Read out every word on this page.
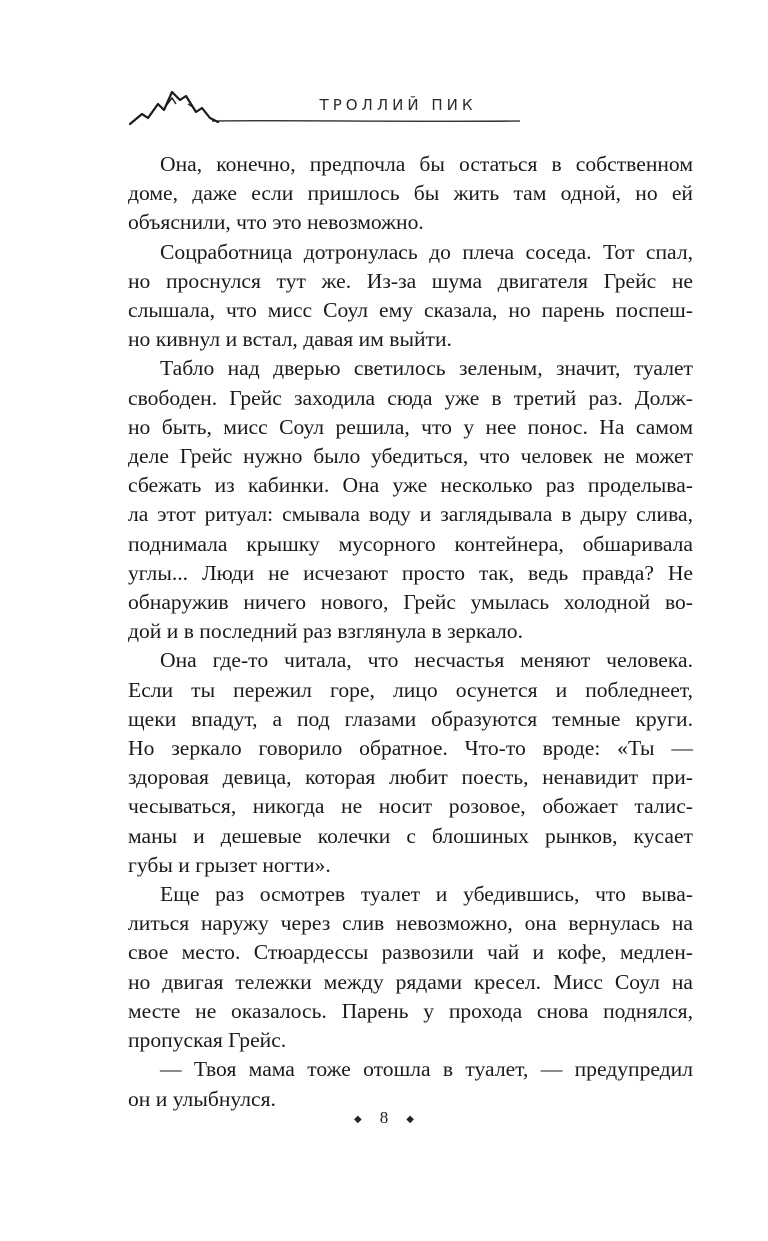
ТРОЛЛИЙ ПИК

Она, конечно, предпочла бы остаться в собственном
доме, даже если пришлось бы жить там одной, но ей
объяснили, что это невозможно.

Соцработница дотронулась до плеча соседа. Тот спал,
но проснулся тут же. Из-за шума двигателя Грейс не
слышала, что мисс Соул ему сказала, но парень поспеш-
но кивнул и встал, давая им выйти.

Табло над дверью светилось зеленым, значит, туалет
свободен. Грейс заходила сюда уже в третий раз. Долж-
но быть, мисс Соул решила, что у нее понос. На самом
деле Грейс нужно было убедиться, что человек не может
сбежать из кабинки. Она уже несколько раз проделыва-
ла этот ритуал: смывала воду и заглядывала в дыру слива,
поднимала крышку мусорного контейнера, обшаривала
углы... Люди не исчезают просто так, ведь правда? Не
обнаружив ничего нового, Грейс умылась холодной во-
дой и в последний раз взглянула в зеркало.

Она где-то читала, что несчастья меняют человека.
Если ты пережил горе, лицо осунется и побледнеет,
щеки впадут, а под глазами образуются темные круги.
Но зеркало говорило обратное. Что-то вроде: «Ты —
здоровая девица, которая любит поесть, ненавидит при-
чесываться, никогда не носит розовое, обожает талис-
маны и дешевые колечки с блошиных рынков, кусает
губы и грызет ногти».

Еще раз осмотрев туалет и убедившись, что выва-
литься наружу через слив невозможно, она вернулась на
свое место. Стюардессы развозили чай и кофе, медлен-
но двигая тележки между рядами кресел. Мисс Соул на
месте не оказалось. Парень у прохода снова поднялся,
пропуская Грейс.

— Твоя мама тоже отошла в туалет, — предупредил
он и улыбнулся.

◆ 8 ◆
